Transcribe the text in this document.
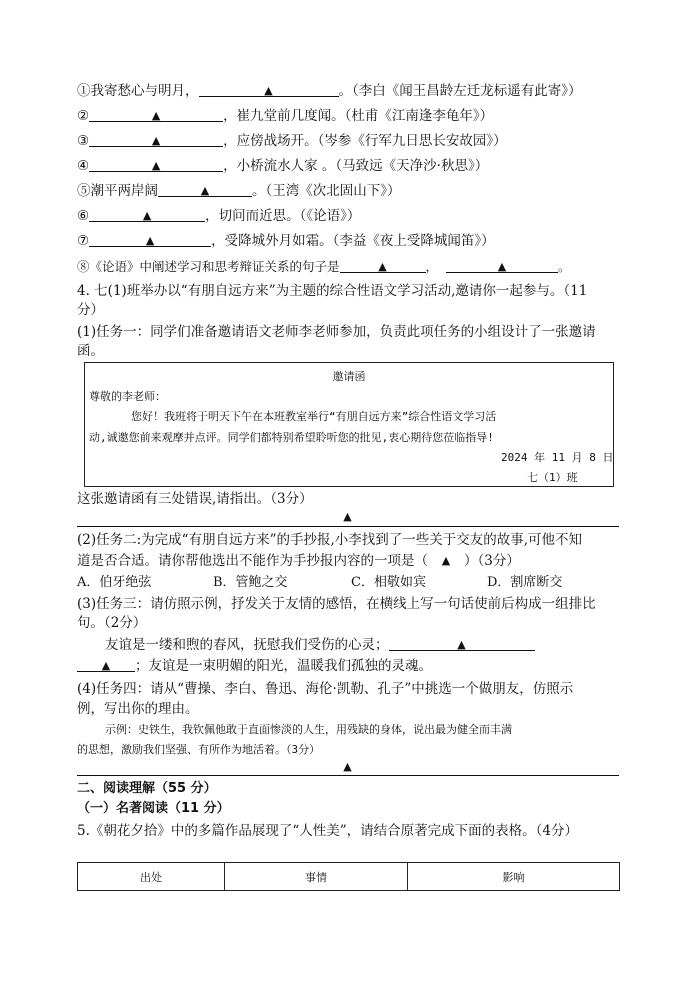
①我寄愁心与明月，	▲	。（李白《闻王昌龄左迁龙标遥有此寄》）
②	▲	，崔九堂前几度闻。（杜甫《江南逢李龟年》）
③	▲	，应傍战场开。（岑参《行军九日思长安故园》）
④	▲	，小桥流水人家 。（马致远《天净沙·秋思》）
⑤潮平两岸阔	▲	。（王湾《次北固山下》）
⑥	▲	，切问而近思。（《论语》）
⑦	▲	，受降城外月如霜。（李益《夜上受降城闻笛》）
⑧《论语》中阐述学习和思考辩证关系的句子是	▲	，	▲	。
4. 七(1)班举办以“有朋自远方来”为主题的综合性语文学习活动,邀请你一起参与。（11
分）
(1)任务一：同学们准备邀请语文老师李老师参加，负责此项任务的小组设计了一张邀请
函。
邀请函
尊敬的李老师：
您好！我班将于明天下午在本班教室举行“有朋自远方来”综合性语文学习活
动,诚邀您前来观摩并点评。同学们都特别希望聆听您的批见,衷心期待您莅临指导!
2024 年 11 月 8 日
七（1）班
这张邀请函有三处错误,请指出。（3分）
▲
(2)任务二:为完成“有朋自远方来”的手抄报,小李找到了一些关于交友的故事,可他不知
道是否合适。请你帮他选出不能作为手抄报内容的一项是（ ▲ ）（3分）
A．伯牙绝弦	B．管鲍之交	C．相敬如宾	D．割席断交
(3)任务三：请仿照示例，抒发关于友情的感悟，在横线上写一句话使前后构成一组排比
句。（2分）
友谊是一缕和煦的春风，抚慰我们受伤的心灵；	▲
▲ ；友谊是一束明媚的阳光，温暖我们孤独的灵魂。
(4)任务四：请从“曹操、李白、鲁迅、海伦·凯勒、孔子”中挑选一个做朋友，仿照示
例，写出你的理由。
示例：史铁生，我钦佩他敢于直面惨淡的人生，用残缺的身体，说出最为健全而丰满
的思想，激励我们坚强、有所作为地活着。（3分）
▲
二、阅读理解（55 分）
（一）名著阅读（11 分）
5.《朝花夕拾》中的多篇作品展现了“人性美”，请结合原著完成下面的表格。（4分）
出处	事情	影响
